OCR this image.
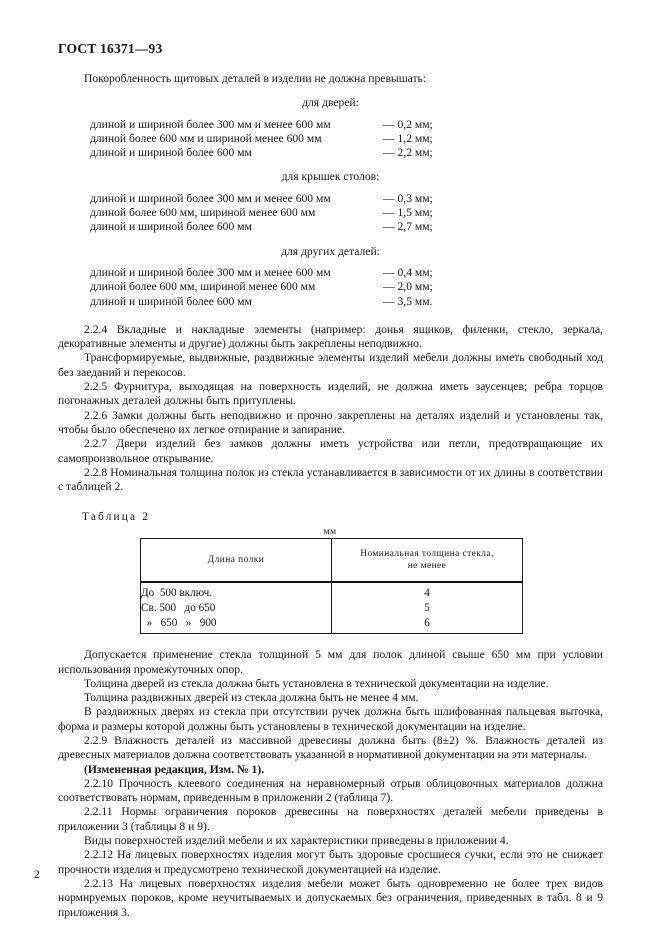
ГОСТ 16371—93

Покоробленность щитовых деталей в изделии не должна превышать:

для дверей:

длиной и шириной более 300 мм и менее 600 мм	— 0,2 мм;
длиной более 600 мм и шириной менее 600 мм	— 1,2 мм;
длиной и шириной более 600 мм	— 2,2 мм;

для крышек столов:

длиной и шириной более 300 мм и менее 600 мм	— 0,3 мм;
длиной более 600 мм, шириной менее 600 мм	— 1,5 мм;
длиной и шириной более 600 мм	— 2,7 мм;

для других деталей:

длиной и шириной более 300 мм и менее 600 мм	— 0,4 мм;
длиной более 600 мм, шириной менее 600 мм	— 2,0 мм;
длиной и шириной более 600 мм	— 3,5 мм.

2.2.4 Вкладные и накладные элементы (например: донья ящиков, филенки, стекло, зеркала, декоративные элементы и другие) должны быть закреплены неподвижно.

Трансформируемые, выдвижные, раздвижные элементы изделий мебели должны иметь свободный ход без заеданий и перекосов.

2.2.5 Фурнитура, выходящая на поверхность изделий, не должна иметь заусенцев; ребра торцов погонажных деталей должны быть притуплены.

2.2.6 Замки должны быть неподвижно и прочно закреплены на деталях изделий и установлены так, чтобы было обеспечено их легкое отпирание и запирание.

2.2.7 Двери изделий без замков должны иметь устройства или петли, предотвращающие их самопроизвольное открывание.

2.2.8 Номинальная толщина полок из стекла устанавливается в зависимости от их длины в соответствии с таблицей 2.

Таблица 2
мм
Длина полки	Номинальная толщина стекла,
не менее
До  500 включ.	4
Св. 500   до 650	5
»   650   »   900	6

Допускается применение стекла толщиной 5 мм для полок длиной свыше 650 мм при условии использования промежуточных опор.

Толщина дверей из стекла должна быть установлена в технической документации на изделие.

Толщина раздвижных дверей из стекла должна быть не менее 4 мм.

В раздвижных дверях из стекла при отсутствии ручек должна быть шлифованная пальцевая выточка, форма и размеры которой должны быть установлены в технической документации на изделие.

2.2.9 Влажность деталей из массивной древесины должна быть (8±2) %. Влажность деталей из древесных материалов должна соответствовать указанной в нормативной документации на эти материалы.

(Измененная редакция, Изм. № 1).

2.2.10 Прочность клеевого соединения на неравномерный отрыв облицовочных материалов должна соответствовать нормам, приведенным в приложении 2 (таблица 7).

2.2.11 Нормы ограничения пороков древесины на поверхностях деталей мебели приведены в приложении 3 (таблицы 8 и 9).

Виды поверхностей изделий мебели и их характеристики приведены в приложении 4.

2.2.12 На лицевых поверхностях изделия могут быть здоровые сросшиеся сучки, если это не снижает прочности изделия и предусмотрено технической документацией на изделие.

2.2.13 На лицевых поверхностях изделия мебели может быть одновременно не более трех видов нормируемых пороков, кроме неучитываемых и допускаемых без ограничения, приведенных в табл. 8 и 9 приложения 3.

2
